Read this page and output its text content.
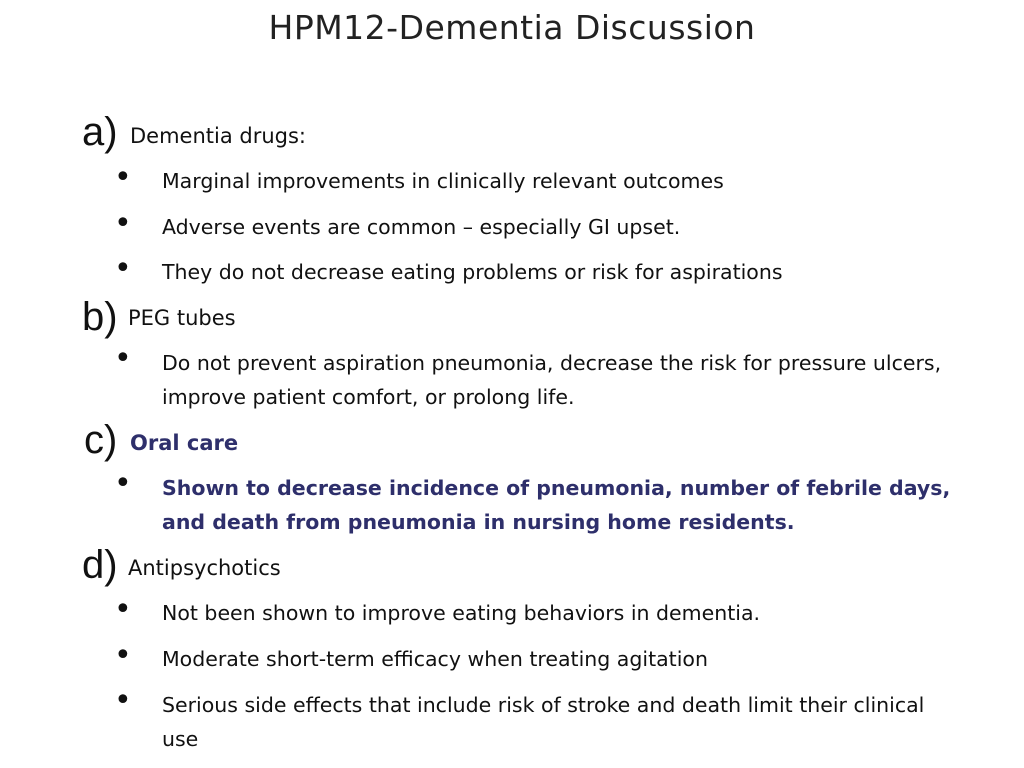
HPM12-Dementia Discussion
a) Dementia drugs:
• Marginal improvements in clinically relevant outcomes
• Adverse events are common – especially GI upset.
• They do not decrease eating problems or risk for aspirations
b) PEG tubes
• Do not prevent aspiration pneumonia, decrease the risk for pressure ulcers, improve patient comfort, or prolong life.
c) Oral care
• Shown to decrease incidence of pneumonia, number of febrile days, and death from pneumonia in nursing home residents.
d) Antipsychotics
• Not been shown to improve eating behaviors in dementia.
• Moderate short-term efficacy when treating agitation
• Serious side effects that include risk of stroke and death limit their clinical use
